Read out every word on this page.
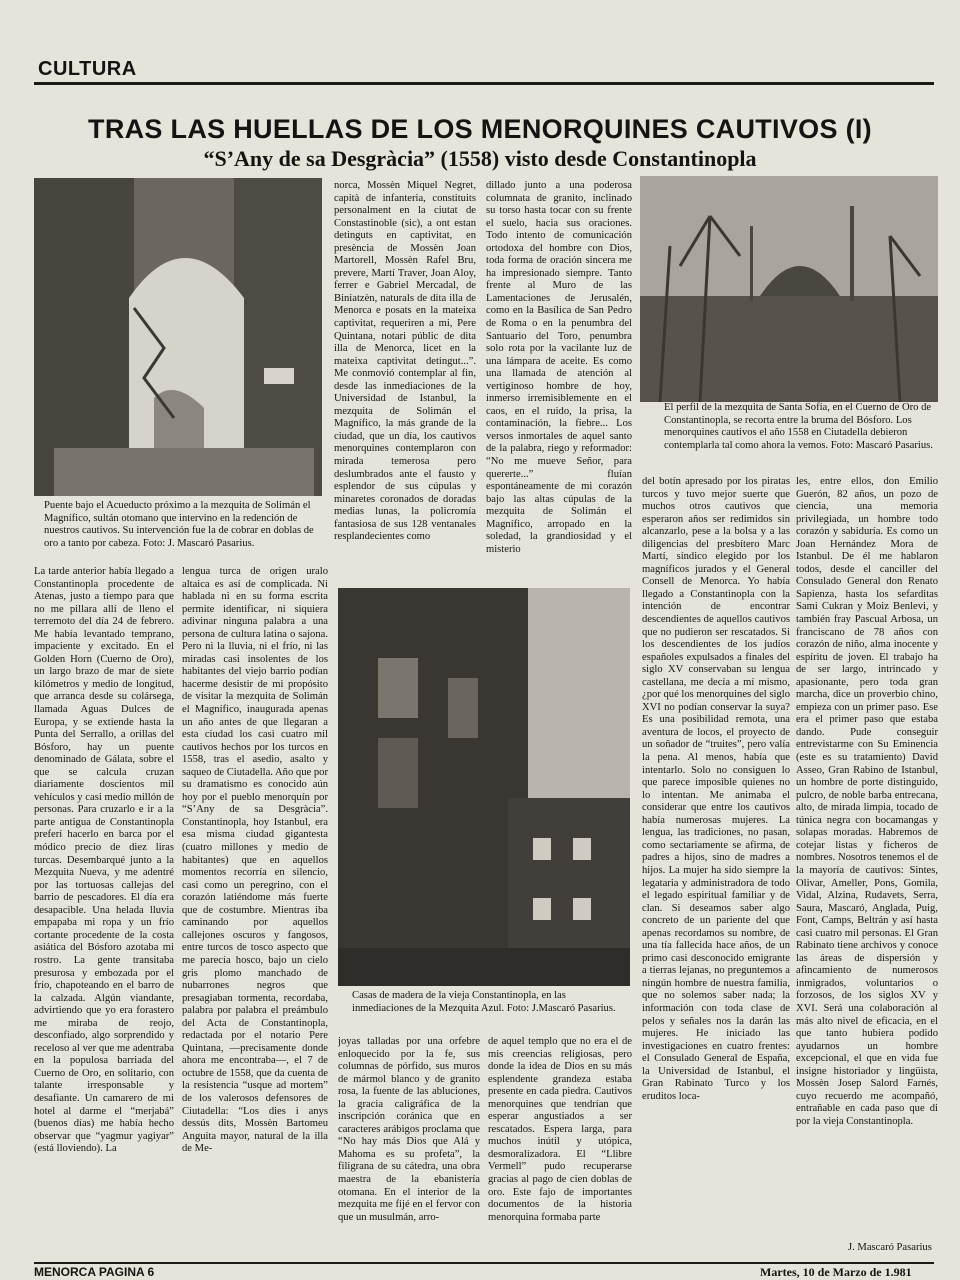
CULTURA
TRAS LAS HUELLAS DE LOS MENORQUINES CAUTIVOS (I)
“S’Any de sa Desgràcia” (1558) visto desde Constantinopla
Puente bajo el Acueducto próximo a la mezquita de Solimán el Magnífico, sultán otomano que intervino en la redención de nuestros cautivos. Su intervención fue la de cobrar en doblas de oro a tanto por cabeza. Foto: J. Mascaró Pasarius.
El perfil de la mezquita de Santa Sofía, en el Cuerno de Oro de Constantinopla, se recorta entre la bruma del Bósforo. Los menorquines cautivos el año 1558 en Ciutadella debieron contemplarla tal como ahora la vemos. Foto: Mascaró Pasarius.
Casas de madera de la vieja Constantinopla, en las inmediaciones de la Mezquita Azul. Foto: J.Mascaró Pasarius.
norca, Mossèn Miquel Negret, capità de infanteria, constituits personalment en la ciutat de Constastinoble (sic), a ont estan detinguts en captivitat, en presència de Mossèn Joan Martorell, Mossèn Rafel Bru, prevere, Martí Traver, Joan Aloy, ferrer e Gabriel Mercadal, de Biniatzèn, naturals de dita illa de Menorca e posats en la mateixa captivitat, requeriren a mi, Pere Quintana, notari públic de dita illa de Menorca, licet en la mateixa captivitat detingut...”. Me conmovió contemplar al fin, desde las inmediaciones de la Universidad de Istanbul, la mezquita de Solimán el Magnífico, la más grande de la ciudad, que un día, los cautivos menorquines contemplaron con mirada temerosa pero deslumbrados ante el fausto y esplendor de sus cúpulas y minaretes coronados de doradas medias lunas, la policromía fantasiosa de sus 128 ventanales resplandecientes como
dillado junto a una poderosa columnata de granito, inclinado su torso hasta tocar con su frente el suelo, hacia sus oraciones. Todo intento de comunicación ortodoxa del hombre con Dios, toda forma de oración sincera me ha impresionado siempre. Tanto frente al Muro de las Lamentaciones de Jerusalén, como en la Basílica de San Pedro de Roma o en la penumbra del Santuario del Toro, penumbra solo rota por la vacilante luz de una lámpara de aceite. Es como una llamada de atención al vertiginoso hombre de hoy, inmerso irremisiblemente en el caos, en el ruido, la prisa, la contaminación, la fiebre... Los versos inmortales de aquel santo de la palabra, riego y reformador: “No me mueve Señor, para quererte...” fluían espontáneamente de mi corazón bajo las altas cúpulas de la mezquita de Solimán el Magnífico, arropado en la soledad, la grandiosidad y el misterio
La tarde anterior había llegado a Constantinopla procedente de Atenas, justo a tiempo para que no me pillara allí de lleno el terremoto del día 24 de febrero. Me había levantado temprano, impaciente y excitado. En el Golden Horn (Cuerno de Oro), un largo brazo de mar de siete kilómetros y medio de longitud, que arranca desde su colársega, llamada Aguas Dulces de Europa, y se extiende hasta la Punta del Serrallo, a orillas del Bósforo, hay un puente denominado de Gálata, sobre el que se calcula cruzan diariamente doscientos mil vehículos y casi medio millón de personas. Para cruzarlo e ir a la parte antigua de Constantinopla preferí hacerlo en barca por el módico precio de diez liras turcas. Desembarqué junto a la Mezquita Nueva, y me adentré por las tortuosas callejas del barrio de pescadores. El día era desapacible. Una helada lluvia empapaba mi ropa y un frío cortante procedente de la costa asiática del Bósforo azotaba mi rostro. La gente transitaba presurosa y embozada por el frío, chapoteando en el barro de la calzada. Algún viandante, advirtiendo que yo era forastero me miraba de reojo, desconfiado, algo sorprendido y receloso al ver que me adentraba en la populosa barriada del Cuerno de Oro, en solitario, con talante irresponsable y desafiante. Un camarero de mi hotel al darme el “merjabá” (buenos días) me había hecho observar que “yagmur yagiyar” (está lloviendo). La
lengua turca de origen uralo altaica es así de complicada. Ni hablada ni en su forma escrita permite identificar, ni siquiera adivinar ninguna palabra a una persona de cultura latina o sajona. Pero ni la lluvia, ni el frío, ni las miradas casi insolentes de los habitantes del viejo barrio podían hacerme desistir de mi propósito de visitar la mezquita de Solimán el Magnífico, inaugurada apenas un año antes de que llegaran a esta ciudad los casi cuatro mil cautivos hechos por los turcos en 1558, tras el asedio, asalto y saqueo de Ciutadella. Año que por su dramatismo es conocido aún hoy por el pueblo menorquín por “S’Any de sa Desgràcia”. Constantinopla, hoy Istanbul, era esa misma ciudad gigantesta (cuatro millones y medio de habitantes) que en aquellos momentos recorría en silencio, casi como un peregrino, con el corazón latiéndome más fuerte que de costumbre. Mientras iba caminando por aquellos callejones oscuros y fangosos, entre turcos de tosco aspecto que me parecía hosco, bajo un cielo gris plomo manchado de nubarrones negros que presagiaban tormenta, recordaba, palabra por palabra el preámbulo del Acta de Constantinopla, redactada por el notario Pere Quintana, —precisamente donde ahora me encontraba—, el 7 de octubre de 1558, que da cuenta de la resistencia “usque ad mortem” de los valerosos defensores de Ciutadella: “Los dies i anys dessús dits, Mossèn Bartomeu Anguita mayor, natural de la illa de Me-
joyas talladas por una orfebre enloquecido por la fe, sus columnas de pórfido, sus muros de mármol blanco y de granito rosa, la fuente de las abluciones, la gracia caligráfica de la inscripción coránica que en caracteres arábigos proclama que “No hay más Dios que Alá y Mahoma es su profeta”, la filigrana de su cátedra, una obra maestra de la ebanistería otomana. En el interior de la mezquita me fijé en el fervor con que un musulmán, arro-
de aquel templo que no era el de mis creencias religiosas, pero donde la idea de Dios en su más esplendente grandeza estaba presente en cada piedra. Cautivos menorquines que tendrían que esperar angustiados a ser rescatados. Espera larga, para muchos inútil y utópica, desmoralizadora. El “Llibre Vermell” pudo recuperarse gracias al pago de cien doblas de oro. Este fajo de importantes documentos de la historia menorquina formaba parte
del botín apresado por los piratas turcos y tuvo mejor suerte que muchos otros cautivos que esperaron años ser redimidos sin alcanzarlo, pese a la bolsa y a las diligencias del presbítero Marc Martí, síndico elegido por los magníficos jurados y el General Consell de Menorca. Yo había llegado a Constantinopla con la intención de encontrar descendientes de aquellos cautivos que no pudieron ser rescatados. Si los descendientes de los judíos españoles expulsados a finales del siglo XV conservaban su lengua castellana, me decía a mí mismo, ¿por qué los menorquines del siglo XVI no podían conservar la suya? Es una posibilidad remota, una aventura de locos, el proyecto de un soñador de “truites”, pero valía la pena. Al menos, había que intentarlo. Solo no consiguen lo que parece imposible quienes no lo intentan. Me animaba el considerar que entre los cautivos había numerosas mujeres. La lengua, las tradiciones, no pasan, como sectariamente se afirma, de padres a hijos, sino de madres a hijos. La mujer ha sido siempre la legataria y administradora de todo el legado espiritual familiar y de clan. Si deseamos saber algo concreto de un pariente del que apenas recordamos su nombre, de una tía fallecida hace años, de un primo casi desconocido emigrante a tierras lejanas, no preguntemos a ningún hombre de nuestra familia, que no solemos saber nada; la información con toda clase de pelos y señales nos la darán las mujeres. He iniciado las investigaciones en cuatro frentes: el Consulado General de España, la Universidad de Istanbul, el Gran Rabinato Turco y los eruditos loca-
les, entre ellos, don Emilio Guerón, 82 años, un pozo de ciencia, una memoria privilegiada, un hombre todo corazón y sabiduría. Es como un Joan Hernández Mora de Istanbul. De él me hablaron todos, desde el canciller del Consulado General don Renato Sapienza, hasta los sefarditas Sami Cukran y Moiz Benlevi, y también fray Pascual Arbosa, un franciscano de 78 años con corazón de niño, alma inocente y espíritu de joven. El trabajo ha de ser largo, intrincado y apasionante, pero toda gran marcha, dice un proverbio chino, empieza con un primer paso. Ese era el primer paso que estaba dando. Pude conseguir entrevistarme con Su Eminencia (este es su tratamiento) David Asseo, Gran Rabino de Istanbul, un hombre de porte distinguido, pulcro, de noble barba entrecana, alto, de mirada limpia, tocado de túnica negra con bocamangas y solapas moradas. Habremos de cotejar listas y ficheros de nombres. Nosotros tenemos el de la mayoría de cautivos: Sintes, Olivar, Ameller, Pons, Gomila, Vidal, Alzina, Rudavets, Serra, Saura, Mascaró, Anglada, Puig, Font, Camps, Beltrán y así hasta casi cuatro mil personas. El Gran Rabinato tiene archivos y conoce las áreas de dispersión y afincamiento de numerosos inmigrados, voluntarios o forzosos, de los siglos XV y XVI. Será una colaboración al más alto nivel de eficacia, en el que tanto hubiera podido ayudarnos un hombre excepcional, el que en vida fue insigne historiador y lingüista, Mossèn Josep Salord Farnés, cuyo recuerdo me acompañó, entrañable en cada paso que di por la vieja Constantinopla.
J. Mascaró Pasarius
MENORCA PAGINA 6	Martes, 10 de Marzo de 1.981
